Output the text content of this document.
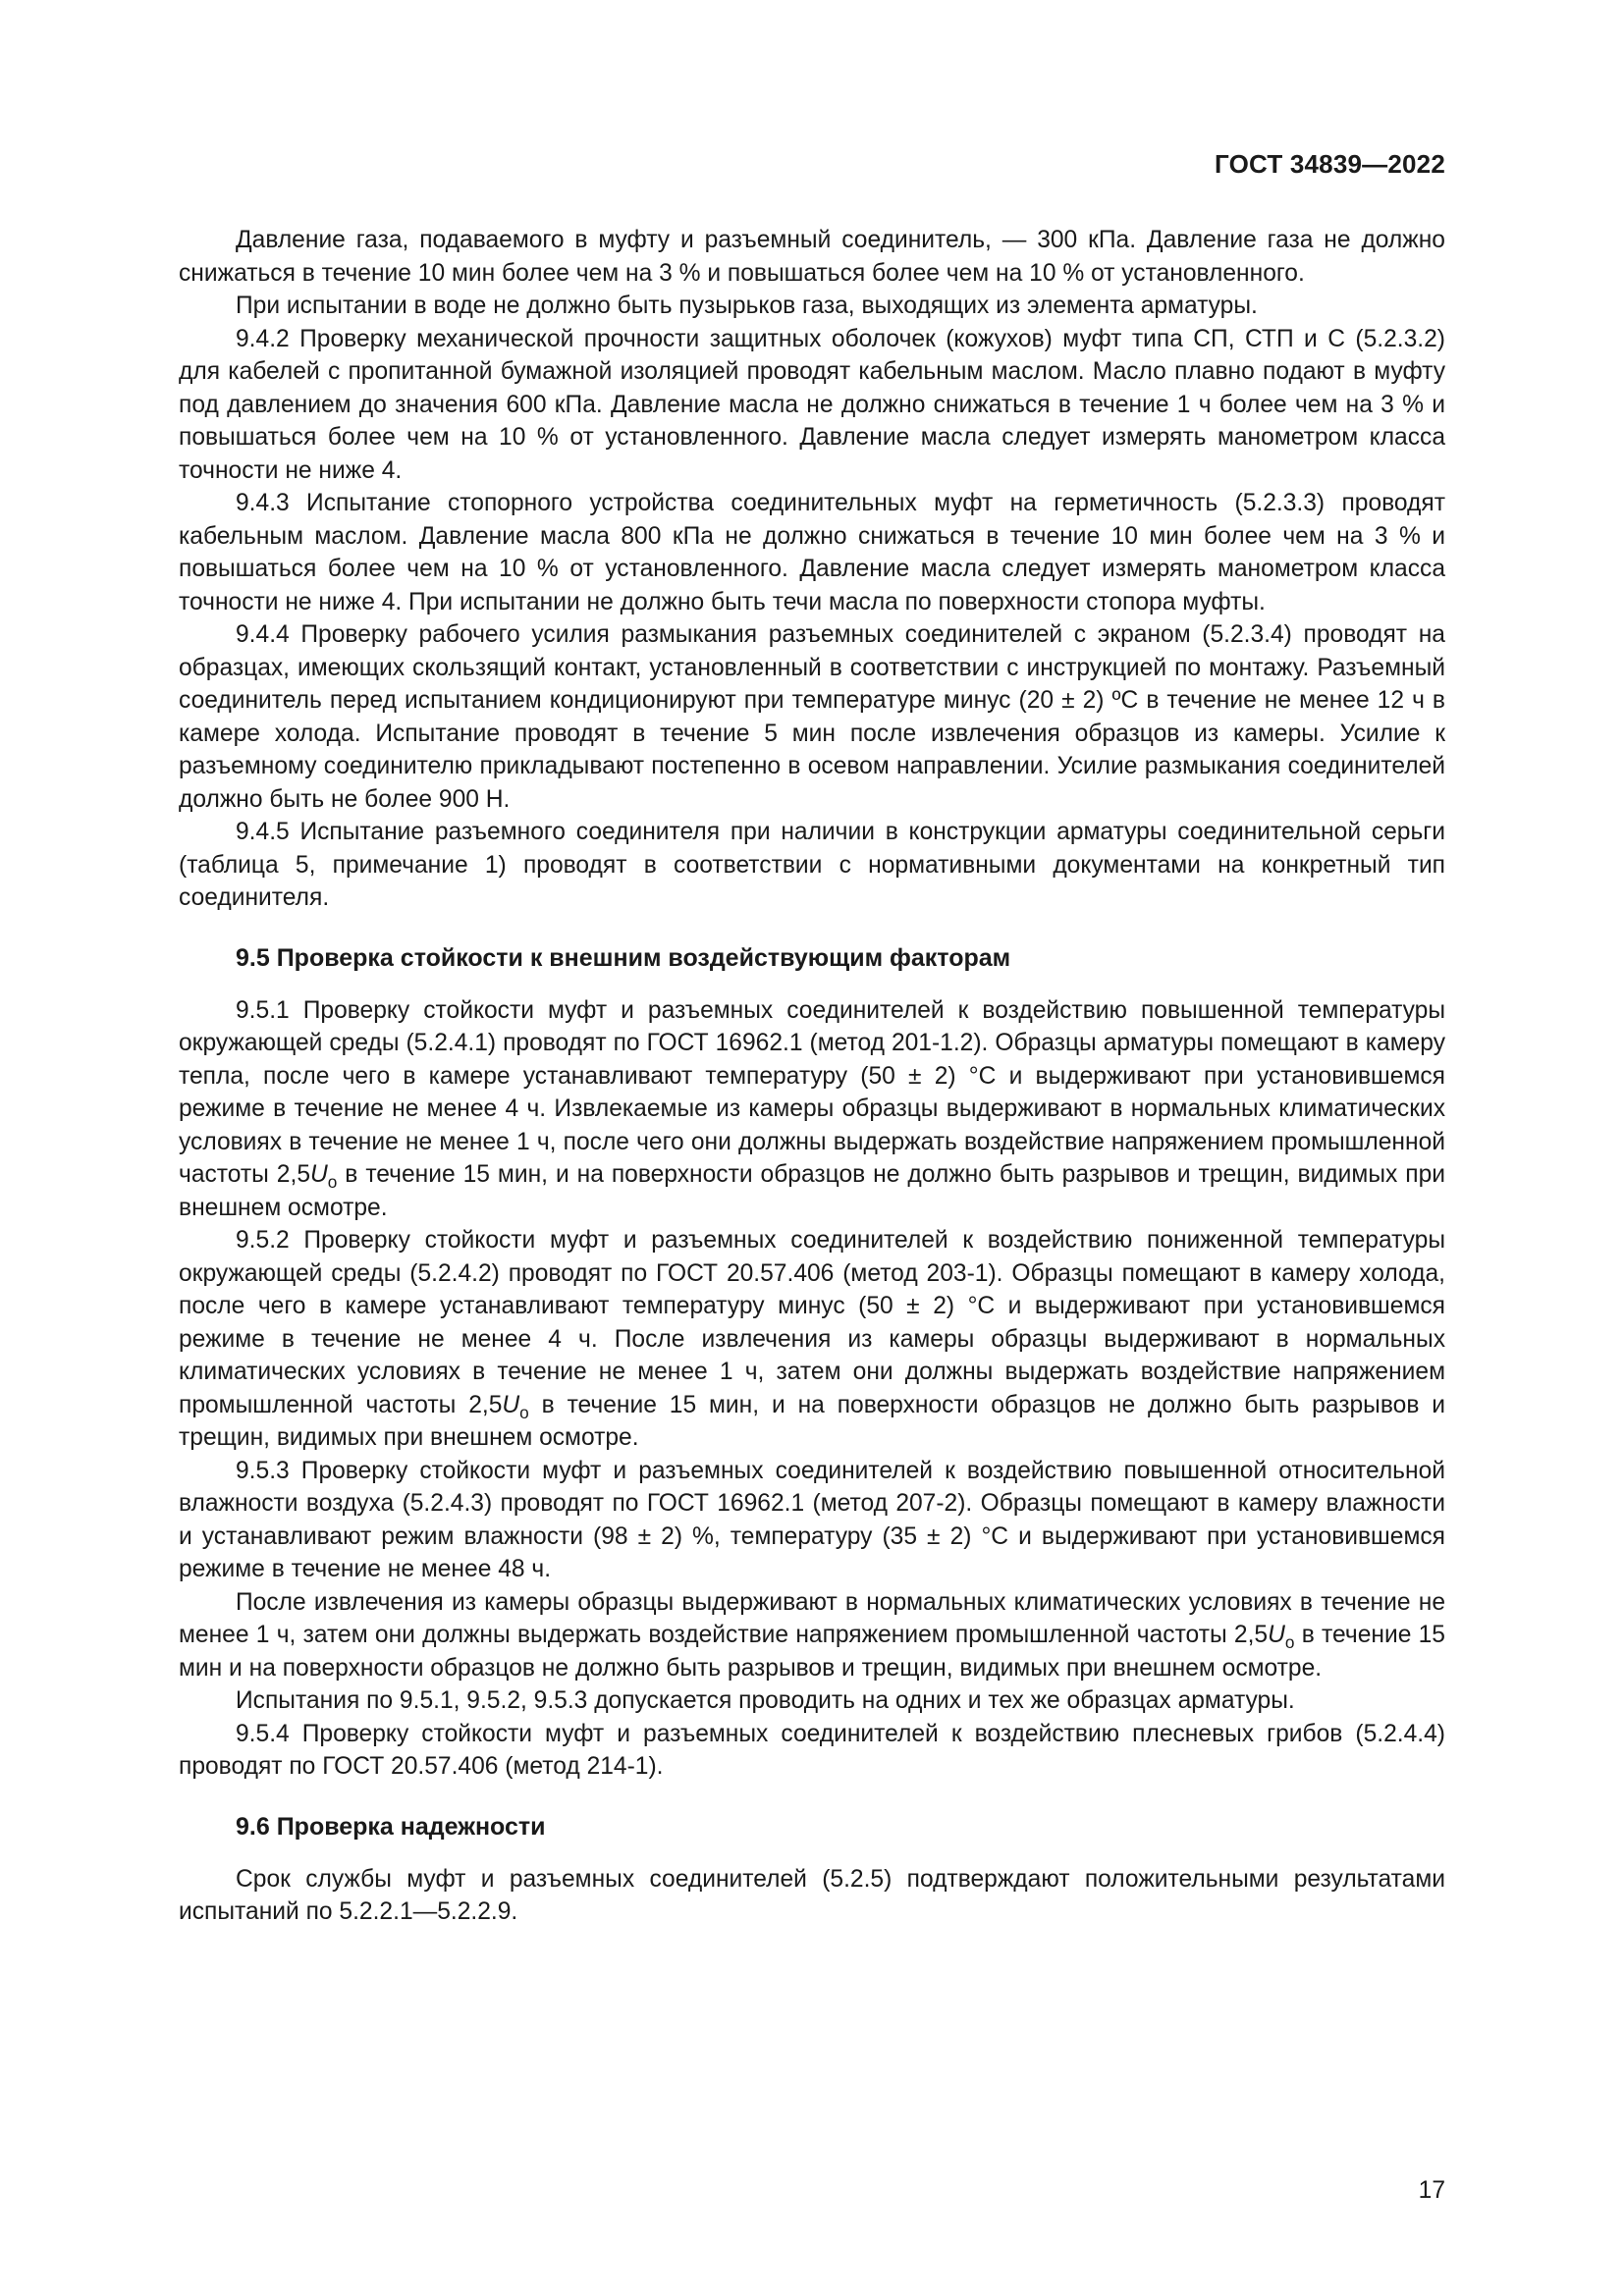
ГОСТ 34839—2022

Давление газа, подаваемого в муфту и разъемный соединитель, — 300 кПа. Давление газа не должно снижаться в течение 10 мин более чем на 3 % и повышаться более чем на 10 % от установленного.

При испытании в воде не должно быть пузырьков газа, выходящих из элемента арматуры.

9.4.2 Проверку механической прочности защитных оболочек (кожухов) муфт типа СП, СТП и С (5.2.3.2) для кабелей с пропитанной бумажной изоляцией проводят кабельным маслом. Масло плавно подают в муфту под давлением до значения 600 кПа. Давление масла не должно снижаться в течение 1 ч более чем на 3 % и повышаться более чем на 10 % от установленного. Давление масла следует измерять манометром класса точности не ниже 4.

9.4.3 Испытание стопорного устройства соединительных муфт на герметичность (5.2.3.3) проводят кабельным маслом. Давление масла 800 кПа не должно снижаться в течение 10 мин более чем на 3 % и повышаться более чем на 10 % от установленного. Давление масла следует измерять манометром класса точности не ниже 4. При испытании не должно быть течи масла по поверхности стопора муфты.

9.4.4 Проверку рабочего усилия размыкания разъемных соединителей с экраном (5.2.3.4) проводят на образцах, имеющих скользящий контакт, установленный в соответствии с инструкцией по монтажу. Разъемный соединитель перед испытанием кондиционируют при температуре минус (20 ± 2) ºС в течение не менее 12 ч в камере холода. Испытание проводят в течение 5 мин после извлечения образцов из камеры. Усилие к разъемному соединителю прикладывают постепенно в осевом направлении. Усилие размыкания соединителей должно быть не более 900 Н.

9.4.5 Испытание разъемного соединителя при наличии в конструкции арматуры соединительной серьги (таблица 5, примечание 1) проводят в соответствии с нормативными документами на конкретный тип соединителя.

9.5 Проверка стойкости к внешним воздействующим факторам

9.5.1 Проверку стойкости муфт и разъемных соединителей к воздействию повышенной температуры окружающей среды (5.2.4.1) проводят по ГОСТ 16962.1 (метод 201-1.2). Образцы арматуры помещают в камеру тепла, после чего в камере устанавливают температуру (50 ± 2) °С и выдерживают при установившемся режиме в течение не менее 4 ч. Извлекаемые из камеры образцы выдерживают в нормальных климатических условиях в течение не менее 1 ч, после чего они должны выдержать воздействие напряжением промышленной частоты $2,5U_o$ в течение 15 мин, и на поверхности образцов не должно быть разрывов и трещин, видимых при внешнем осмотре.

9.5.2 Проверку стойкости муфт и разъемных соединителей к воздействию пониженной температуры окружающей среды (5.2.4.2) проводят по ГОСТ 20.57.406 (метод 203-1). Образцы помещают в камеру холода, после чего в камере устанавливают температуру минус (50 ± 2) °С и выдерживают при установившемся режиме в течение не менее 4 ч. После извлечения из камеры образцы выдерживают в нормальных климатических условиях в течение не менее 1 ч, затем они должны выдержать воздействие напряжением промышленной частоты $2,5U_o$ в течение 15 мин, и на поверхности образцов не должно быть разрывов и трещин, видимых при внешнем осмотре.

9.5.3 Проверку стойкости муфт и разъемных соединителей к воздействию повышенной относительной влажности воздуха (5.2.4.3) проводят по ГОСТ 16962.1 (метод 207-2). Образцы помещают в камеру влажности и устанавливают режим влажности (98 ± 2) %, температуру (35 ± 2) °С и выдерживают при установившемся режиме в течение не менее 48 ч.

После извлечения из камеры образцы выдерживают в нормальных климатических условиях в течение не менее 1 ч, затем они должны выдержать воздействие напряжением промышленной частоты $2,5U_o$ в течение 15 мин и на поверхности образцов не должно быть разрывов и трещин, видимых при внешнем осмотре.

Испытания по 9.5.1, 9.5.2, 9.5.3 допускается проводить на одних и тех же образцах арматуры.

9.5.4 Проверку стойкости муфт и разъемных соединителей к воздействию плесневых грибов (5.2.4.4) проводят по ГОСТ 20.57.406 (метод 214-1).

9.6 Проверка надежности

Срок службы муфт и разъемных соединителей (5.2.5) подтверждают положительными результатами испытаний по 5.2.2.1—5.2.2.9.

17
